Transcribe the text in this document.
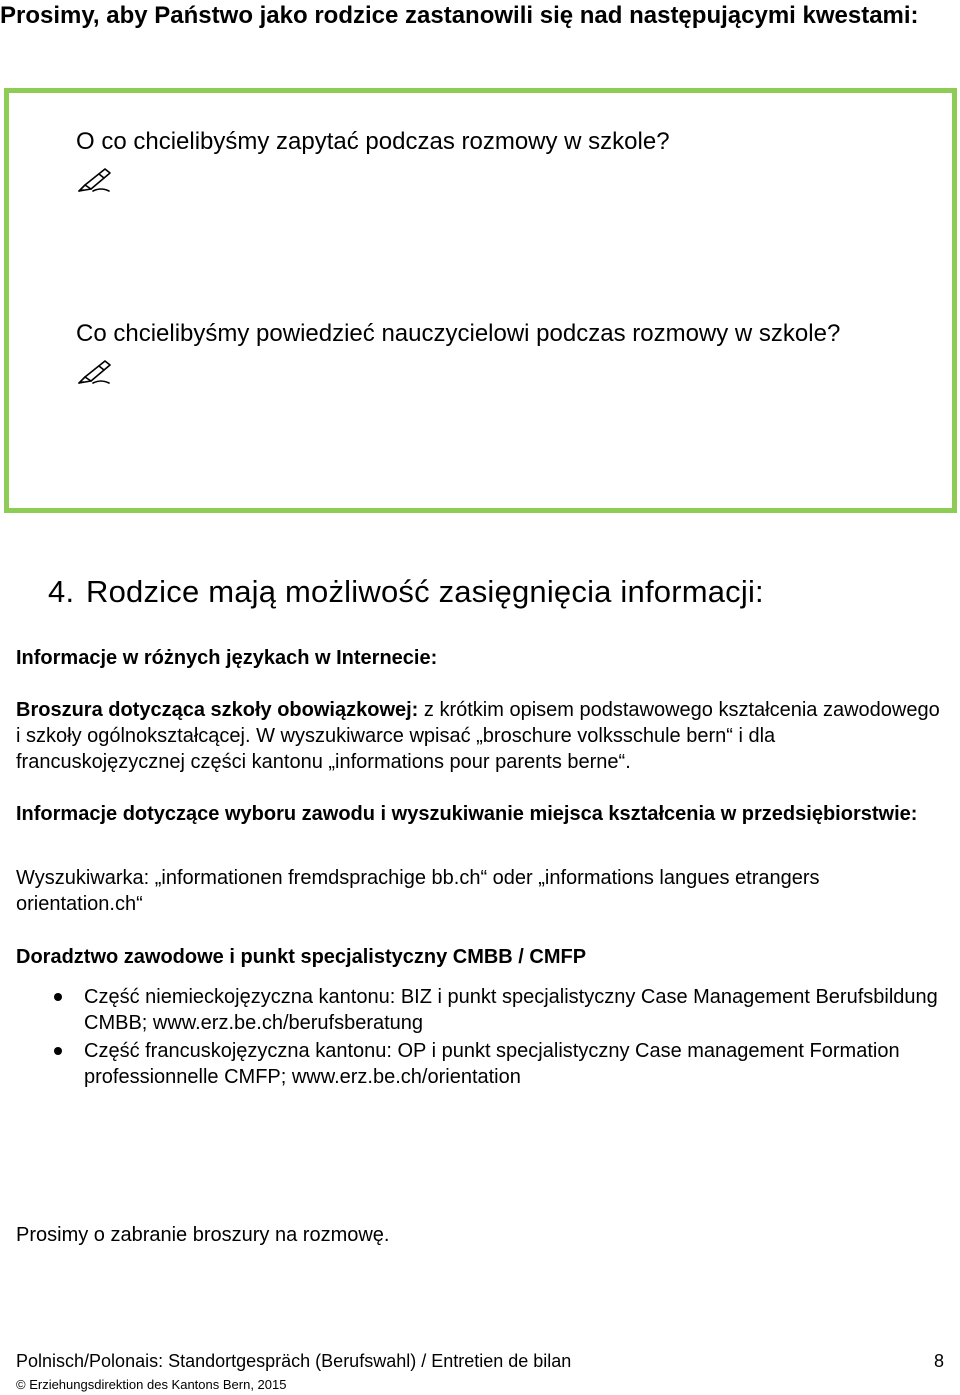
Prosimy, aby Państwo jako rodzice zastanowili się nad następującymi kwestami:
O co chcielibyśmy zapytać podczas rozmowy w szkole?
Co chcielibyśmy powiedzieć nauczycielowi podczas rozmowy w szkole?
4. Rodzice mają możliwość zasięgnięcia informacji:
Informacje w różnych językach w Internecie:
Broszura dotycząca szkoły obowiązkowej: z krótkim opisem podstawowego kształcenia zawodowego i szkoły ogólnokształcącej. W wyszukiwarce wpisać „broschure volksschule bern“ i dla francuskojęzycznej części kantonu „informations pour parents berne“.
Informacje dotyczące wyboru zawodu i wyszukiwanie miejsca kształcenia w przedsiębiorstwie:
Wyszukiwarka: „informationen fremdsprachige bb.ch“ oder „informations langues etrangers orientation.ch“
Doradztwo zawodowe i punkt specjalistyczny CMBB / CMFP
Część niemieckojęzyczna kantonu: BIZ i punkt specjalistyczny Case Management Berufsbildung CMBB; www.erz.be.ch/berufsberatung
Część francuskojęzyczna kantonu: OP i punkt specjalistyczny Case management Formation professionnelle CMFP; www.erz.be.ch/orientation
Prosimy o zabranie broszury na rozmowę.
Polnisch/Polonais: Standortgespräch (Berufswahl) / Entretien de bilan	8
© Erziehungsdirektion des Kantons Bern, 2015
